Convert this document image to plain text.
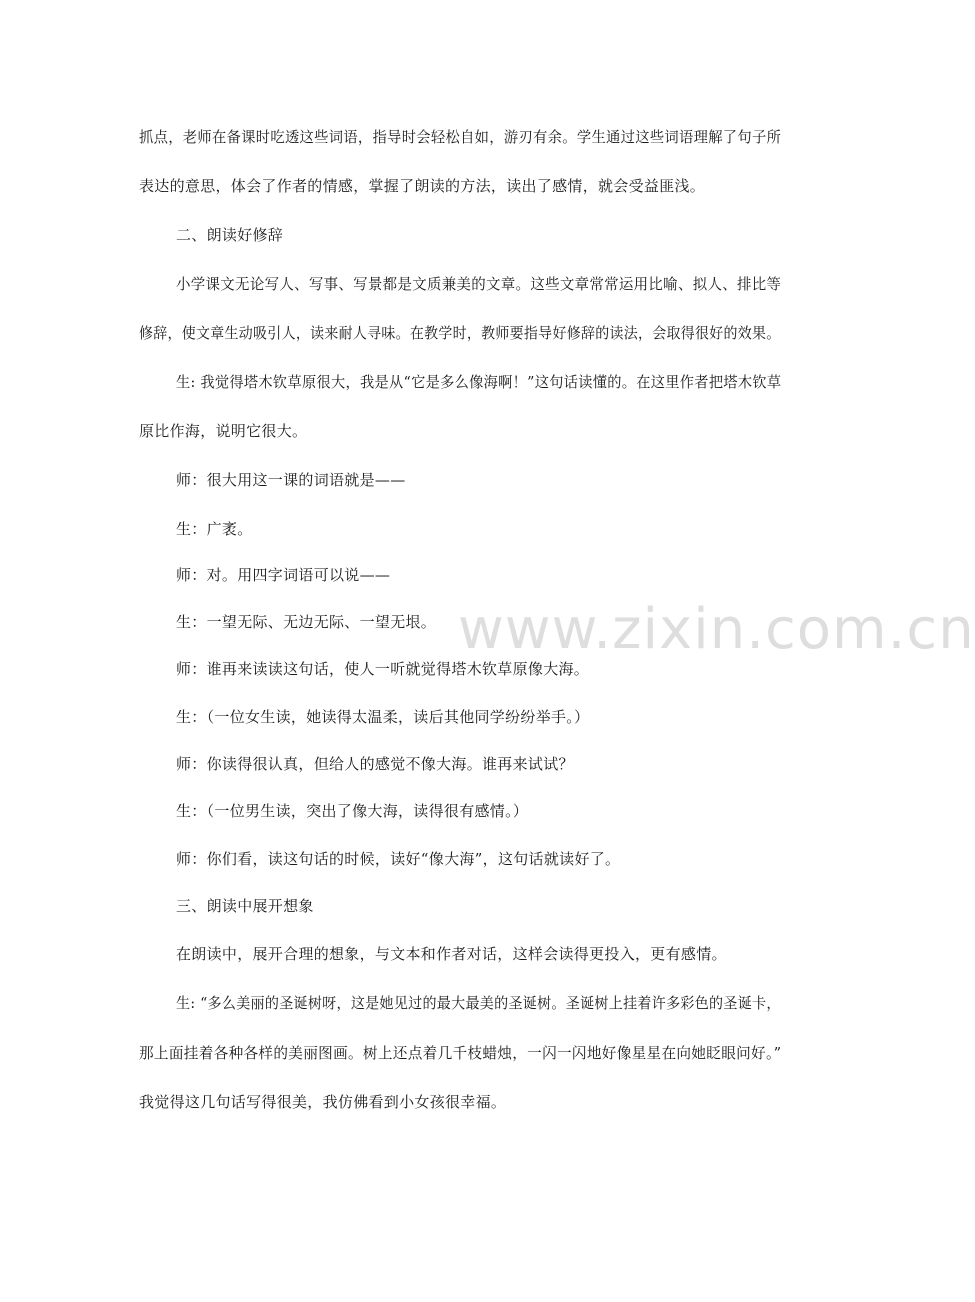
www.zixin.com.cn
抓点，老师在备课时吃透这些词语，指导时会轻松自如，游刃有余。学生通过这些词语理解了句子所
表达的意思，体会了作者的情感，掌握了朗读的方法，读出了感情，就会受益匪浅。
二、朗读好修辞
小学课文无论写人、写事、写景都是文质兼美的文章。这些文章常常运用比喻、拟人、排比等
修辞，使文章生动吸引人，读来耐人寻味。在教学时，教师要指导好修辞的读法，会取得很好的效果。
生: 我觉得塔木钦草原很大，我是从“它是多么像海啊！”这句话读懂的。在这里作者把塔木钦草
原比作海，说明它很大。
师：很大用这一课的词语就是——
生：广袤。
师：对。用四字词语可以说——
生：一望无际、无边无际、一望无垠。
师：谁再来读读这句话，使人一听就觉得塔木钦草原像大海。
生：（一位女生读，她读得太温柔，读后其他同学纷纷举手。）
师：你读得很认真，但给人的感觉不像大海。谁再来试试？
生：（一位男生读，突出了像大海，读得很有感情。）
师：你们看，读这句话的时候，读好“像大海”，这句话就读好了。
三、朗读中展开想象
在朗读中，展开合理的想象，与文本和作者对话，这样会读得更投入，更有感情。
生: “多么美丽的圣诞树呀，这是她见过的最大最美的圣诞树。圣诞树上挂着许多彩色的圣诞卡，
那上面挂着各种各样的美丽图画。树上还点着几千枝蜡烛，一闪一闪地好像星星在向她眨眼问好。”
我觉得这几句话写得很美，我仿佛看到小女孩很幸福。
